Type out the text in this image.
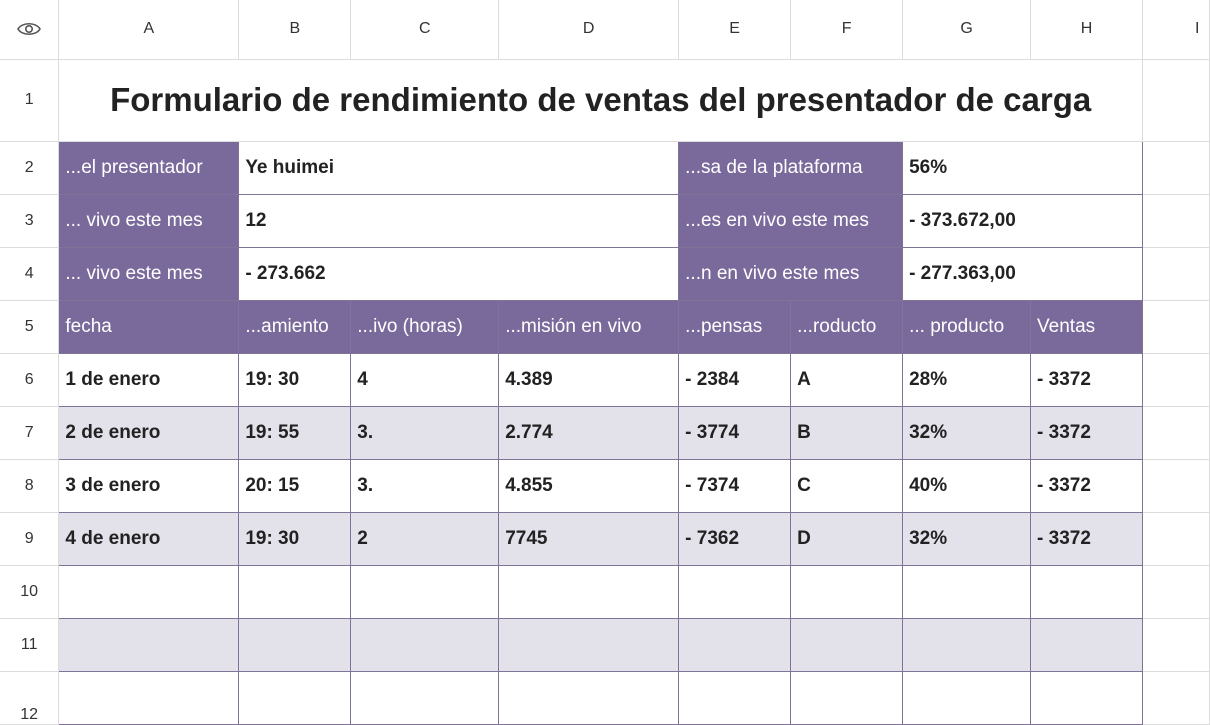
	A	B	C	D	E	F	G	H	I
1	Formulario de rendimiento de ventas del presentador de carga								
2	...el presentador	Ye huimei			...sa de la plataforma		56%		
3	... vivo este mes	12			...es en vivo este mes		- 373.672,00		
4	... vivo este mes	- 273.662			...n en vivo este mes		- 277.363,00		
5	fecha	...amiento	...ivo (horas)	...misión en vivo	...pensas	...roducto	... producto	Ventas	
6	1 de enero	19: 30	4	4.389	- 2384	A	28%	- 3372	
7	2 de enero	19: 55	3.	2.774	- 3774	B	32%	- 3372	
8	3 de enero	20: 15	3.	4.855	- 7374	C	40%	- 3372	
9	4 de enero	19: 30	2	7745	- 7362	D	32%	- 3372	
10									
11									
12									
